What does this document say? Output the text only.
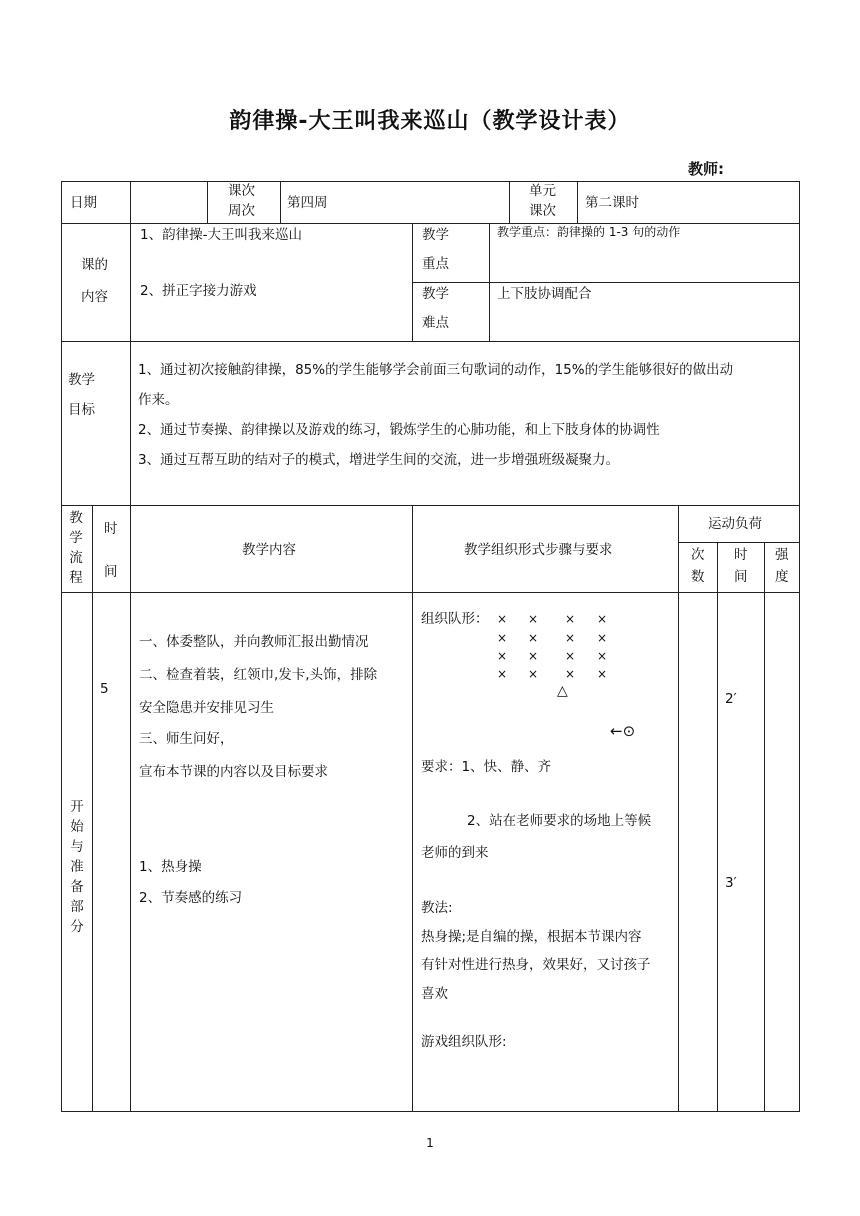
韵律操-大王叫我来巡山（教学设计表）
教师:
日期
课次
周次 第四周
单元
课次 第二课时
课的
内容
1、韵律操-大王叫我来巡山
2、拼正字接力游戏
教学
重点
教学重点：韵律操的 1-3 句的动作
教学
难点
上下肢协调配合
教学
目标
1、通过初次接触韵律操，85%的学生能够学会前面三句歌词的动作，15%的学生能够很好的做出动
作来。
2、通过节奏操、韵律操以及游戏的练习，锻炼学生的心肺功能，和上下肢身体的协调性
3、通过互帮互助的结对子的模式，增进学生间的交流，进一步增强班级凝聚力。
教
学
流
程
时
间
教学内容	教学组织形式步骤与要求
运动负荷
次
数
时
间
强
度
开
始
与
准
备
部
分
5
一、体委整队，并向教师汇报出勤情况
二、检查着装，红领巾,发卡,头饰，排除
安全隐患并安排见习生
三、师生问好，
宣布本节课的内容以及目标要求
1、热身操
2、节奏感的练习
组织队形： × × × ×
× × × ×
× × × ×
× × × ×
△
←⊙
要求：1、快、静、齐
2、站在老师要求的场地上等候
老师的到来
教法:
热身操;是自编的操，根据本节课内容
有针对性进行热身，效果好，又讨孩子
喜欢
游戏组织队形:
2′
3′
1
